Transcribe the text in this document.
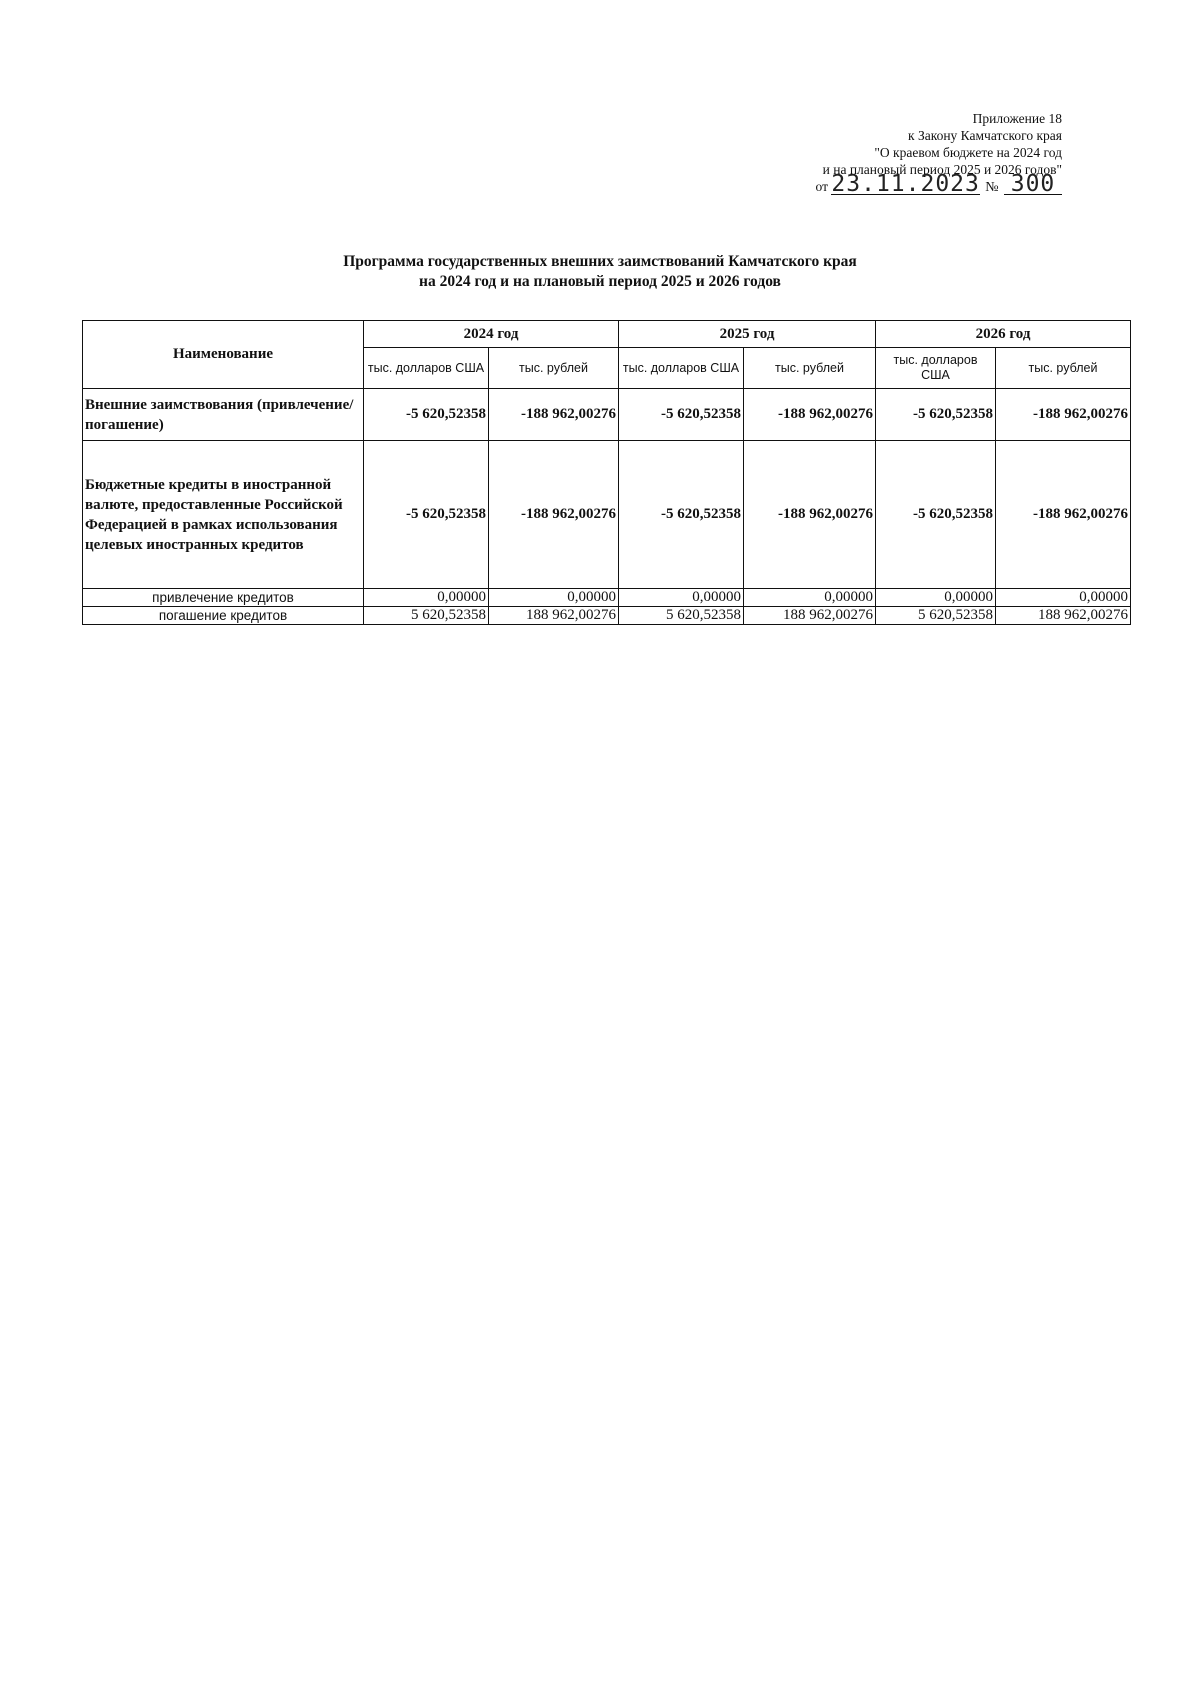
Приложение 18
к Закону Камчатского края
"О краевом бюджете на 2024 год
и на плановый период 2025 и 2026 годов"
от 23.11.2023 № 300
Программа государственных внешних заимствований Камчатского края
на 2024 год и на плановый период 2025 и 2026 годов
Наименование	2024 год		2025 год		2026 год	
	тыс. долларов США	тыс. рублей	тыс. долларов США	тыс. рублей	тыс. долларов США	тыс. рублей
Внешние заимствования (привлечение/погашение)	-5 620,52358	-188 962,00276	-5 620,52358	-188 962,00276	-5 620,52358	-188 962,00276
Бюджетные кредиты в иностранной валюте, предоставленные Российской Федерацией в рамках использования целевых иностранных кредитов	-5 620,52358	-188 962,00276	-5 620,52358	-188 962,00276	-5 620,52358	-188 962,00276
привлечение кредитов	0,00000	0,00000	0,00000	0,00000	0,00000	0,00000
погашение кредитов	5 620,52358	188 962,00276	5 620,52358	188 962,00276	5 620,52358	188 962,00276
